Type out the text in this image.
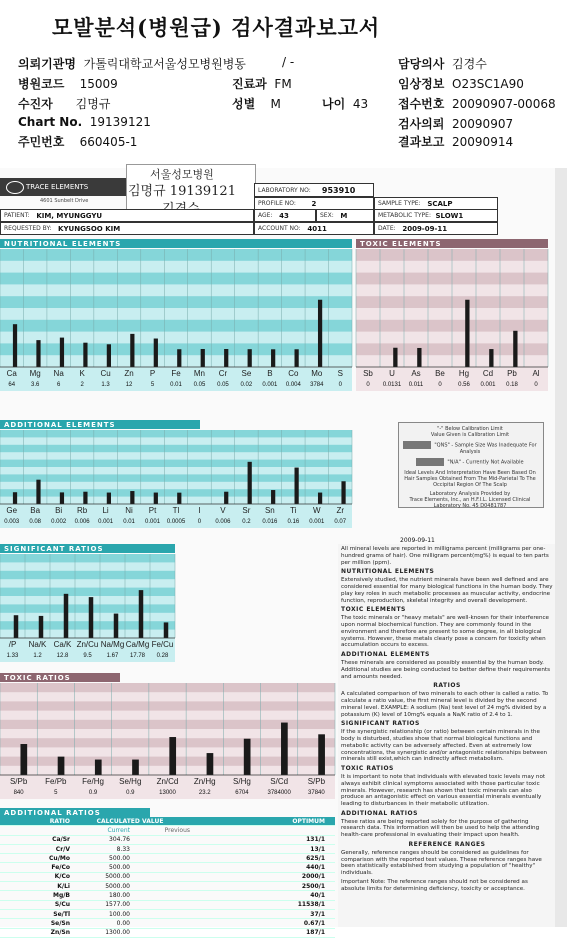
모발분석(병원급) 검사결과보고서
의뢰기관명 가톨릭대학교서울성모병원병동	/ -	담당의사 김경수
병원코드 15009	진료과 FM	임상정보 O23SC1A90
수진자 김명규	성별 M	나이 43 접수번호 20090907-00068
Chart No. 19139121	검사의뢰 20090907
주민번호 660405-1	결과보고 20090914
TRACE ELEMENTS
4601 Sunbelt Drive
서울성모병원
김명규 19139121	LABORATORY NO:
953910
PROFILE NO:
2	SAMPLE TYPE:
SCALP
PATIENT:
KIM, MYUNGGYU	AGE:
43	SEX:
M	METABOLIC TYPE:
SLOW1
REQUESTED BY:
KYUNGSOO KIM	ACCOUNT NO:
4011	DATE:
2009-09-11
NUTRITIONAL ELEMENTS	TOXIC ELEMENTS
Ca
64
Mg
3.6
Na
6
K
2
Cu
1.3
Zn
12
P
5
Fe
0.01
Mn
0.05
Cr
0.05
Se
0.02
B
0.001
Co
0.004
Mo
3784
S
0
Sb
0
U
0.0131
As
0.011
Be
0
Hg
0.56
Cd
0.001
Pb
0.18
Al
0
Ge
0.003
Ba
0.08
Bi
0.002
Rb
0.006
Li
0.001
Ni
0.01
Pt
0.001
Tl
0.0005
I
0
V
0.006
Sr
0.2
Sn
0.016
Ti
0.16
W
0.001
Zr
0.07
/P
1.33
Na/K
1.2
Ca/K
12.8
Zn/Cu
9.5
Na/Mg
1.67
Ca/Mg
17.78
Fe/Cu
0.28
S/Pb
840
Fe/Pb
5
Fe/Hg
0.9
Se/Hg
0.9
Zn/Cd
13000
Zn/Hg
23.2
S/Hg
6704
S/Cd
3784000
S/Pb
37840
ADDITIONAL ELEMENTS
"-" Below Calibration Limit
Value Given is Calibration Limit
"QNS" - Sample Size Was Inadequate For Analysis
"N/A" - Currently Not Available
Ideal Levels And Interpretation Have Been Based On
Hair Samples Obtained From The Mid-Parietal To The
Occipital Region Of The Scalp
Laboratory Analysis Provided by
Trace Elements, Inc., an H.F.I.L. Licensed Clinical
Laboratory No. 45 D0481787
2009-09-11
SIGNIFICANT RATIOS
TOXIC RATIOS
ADDITIONAL RATIOS
RATIO	CALCULATED VALUE	OPTIMUM
Current	Previous
Ca/Sr	304.76	131/1
Cr/V	8.33	13/1
Cu/Mo	500.00	625/1
Fe/Co	500.00	440/1
K/Co	5000.00	2000/1
K/Li	5000.00	2500/1
Mg/B	180.00	40/1
S/Cu	1577.00	11538/1
Se/Tl	100.00	37/1
Se/Sn	0.00	0.67/1
Zn/Sn	1300.00	187/1

All mineral levels are reported in milligrams percent (milligrams per one-hundred grams of hair). One milligram percent(mg%) is equal to ten parts per million (ppm).

NUTRITIONAL ELEMENTS

Extensively studied, the nutrient minerals have been well defined and are considered essential for many biological functions in the human body. They play key roles in such metabolic processes as muscular activity, endocrine function, reproduction, skeletal integrity and overall development.

TOXIC ELEMENTS

The toxic minerals or "heavy metals" are well-known for their interference upon normal biochemical function. They are commonly found in the environment and therefore are present to some degree, in all biological systems. However, these metals clearly pose a concern for toxicity when accumulation occurs to excess.

ADDITIONAL ELEMENTS

These minerals are considered as possibly essential by the human body. Additional studies are being conducted to better define their requirements and amounts needed.

RATIOS

A calculated comparison of two minerals to each other is called a ratio. To calculate a ratio value, the first mineral level is divided by the second mineral level. EXAMPLE: A sodium (Na) test level of 24 mg% divided by a potassium (K) level of 10mg% equals a Na/K ratio of 2.4 to 1.

SIGNIFICANT RATIOS

If the synergistic relationship (or ratio) between certain minerals in the body is disturbed, studies show that normal biological functions and metabolic activity can be adversely affected. Even at extremely low concentrations, the synergistic and/or antagonistic relationships between minerals still exist,which can indirectly affect metabolism.

TOXIC RATIOS

It is important to note that individuals with elevated toxic levels may not always exhibit clinical symptoms associated with those particular toxic minerals. However, research has shown that toxic minerals can also produce an antagonistic effect on various essential minerals eventually leading to disturbances in their metabolic utilization.

ADDITIONAL RATIOS

These ratios are being reported solely for the purpose of gathering research data. This information will then be used to help the attending health-care professional in evaluating their impact upon health.

REFERENCE RANGES

Generally, reference ranges should be considered as guidelines for comparison with the reported test values. These reference ranges have been statistically established from studying a population of "healthy" individuals.

Important Note: The reference ranges should not be considered as absolute limits for determining deficiency, toxicity or acceptance.
